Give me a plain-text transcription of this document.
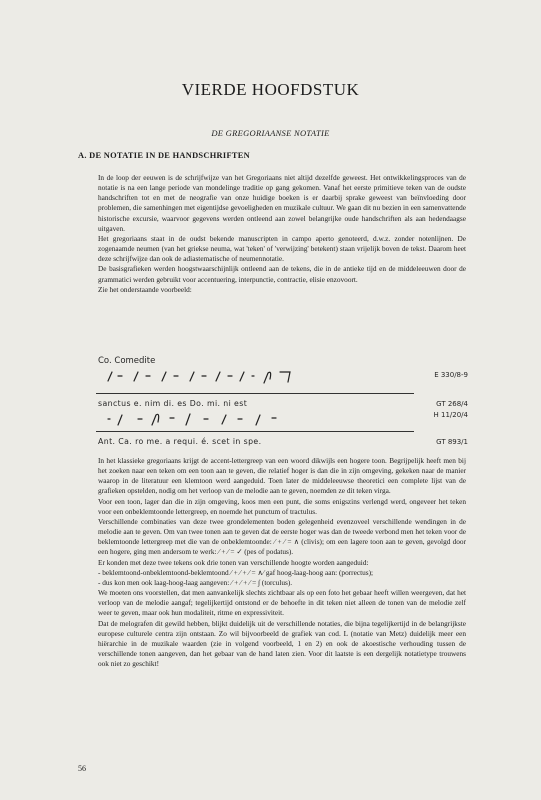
VIERDE HOOFDSTUK
DE GREGORIAANSE NOTATIE
A. DE NOTATIE IN DE HANDSCHRIFTEN

In de loop der eeuwen is de schrijfwijze van het Gregoriaans niet altijd dezelfde geweest. Het ontwikkelingsproces van de notatie is na een lange periode van mondelinge traditie op gang gekomen. Vanaf het eerste primitieve teken van de oudste handschriften tot en met de neografie van onze huidige boeken is er daarbij sprake geweest van beïnvloeding door problemen, die samenhingen met eigentijdse gevoeligheden en muzikale cultuur. We gaan dit nu bezien in een samenvattende historische excursie, waarvoor gegevens werden ontleend aan zowel belangrijke oude handschriften als aan hedendaagse uitgaven.

Het gregoriaans staat in de oudst bekende manuscripten in campo aperto genoteerd, d.w.z. zonder notenlijnen. De zogenaamde neumen (van het griekse neuma, wat 'teken' of 'verwijzing' betekent) staan vrijelijk boven de tekst. Daarom heet deze schrijfwijze dan ook de adiastematische of neumennotatie.

De basisgrafieken werden hoogstwaarschijnlijk ontleend aan de tekens, die in de antieke tijd en de middeleeuwen door de grammatici werden gebruikt voor accentuering, interpunctie, contractie, elisie enzovoort.

Zie het onderstaande voorbeeld:

Co. Comedite
E 330/8-9
sanctus e. nim di. es Do. mi. ni est	GT 268/4
H 11/20/4
Ant. Ca. ro me. a requi. é. scet in spe.	GT 893/1

In het klassieke gregoriaans krijgt de accent-lettergreep van een woord dikwijls een hogere toon. Begrijpelijk heeft men bij het zoeken naar een teken om een toon aan te geven, die relatief hoger is dan die in zijn omgeving, gekeken naar de manier waarop in de literatuur een klemtoon werd aangeduid. Toen later de middeleeuwse theoretici een complete lijst van de grafieken opstelden, nodig om het verloop van de melodie aan te geven, noemden ze dit teken virga.

Voor een toon, lager dan die in zijn omgeving, koos men een punt, die soms enigszins verlengd werd, ongeveer het teken voor een onbeklemtoonde lettergreep, en noemde het punctum of tractulus.

Verschillende combinaties van deze twee grondelementen boden gelegenheid evenzoveel verschillende wendingen in de melodie aan te geven. Om van twee tonen aan te geven dat de eerste hoger was dan de tweede verbond men het teken voor de beklemtoonde lettergreep met die van de onbeklemtoonde: ⁄ + ⁄ = ∧ (clivis); om een lagere toon aan te geven, gevolgd door een hogere, ging men andersom te werk: ⁄ + ⁄ = ✓ (pes of podatus).

Er konden met deze twee tekens ook drie tonen van verschillende hoogte worden aangeduid:

- beklemtoond-onbeklemtoond-beklemtoond ⁄ + ⁄ + ⁄ = ∧⁄ gaf hoog-laag-hoog aan: (porrectus);

- dus kon men ook laag-hoog-laag aangeven: ⁄ + ⁄ + ⁄ = ∫ (torculus).

We moeten ons voorstellen, dat men aanvankelijk slechts zichtbaar als op een foto het gebaar heeft willen weergeven, dat het verloop van de melodie aangaf; tegelijkertijd ontstond er de behoefte in dit teken niet alleen de tonen van de melodie zelf weer te geven, maar ook hun modaliteit, ritme en expressiviteit.

Dat de melografen dit gewild hebben, blijkt duidelijk uit de verschillende notaties, die bijna tegelijkertijd in de belangrijkste europese culturele centra zijn ontstaan. Zo wil bijvoorbeeld de grafiek van cod. L (notatie van Metz) duidelijk meer een hiërarchie in de muzikale waarden (zie in volgend voorbeeld, 1 en 2) en ook de akoestische verhouding tussen de verschillende tonen aangeven, dan het gebaar van de hand laten zien. Voor dit laatste is een dergelijk notatietype trouwens ook niet zo geschikt!

56
